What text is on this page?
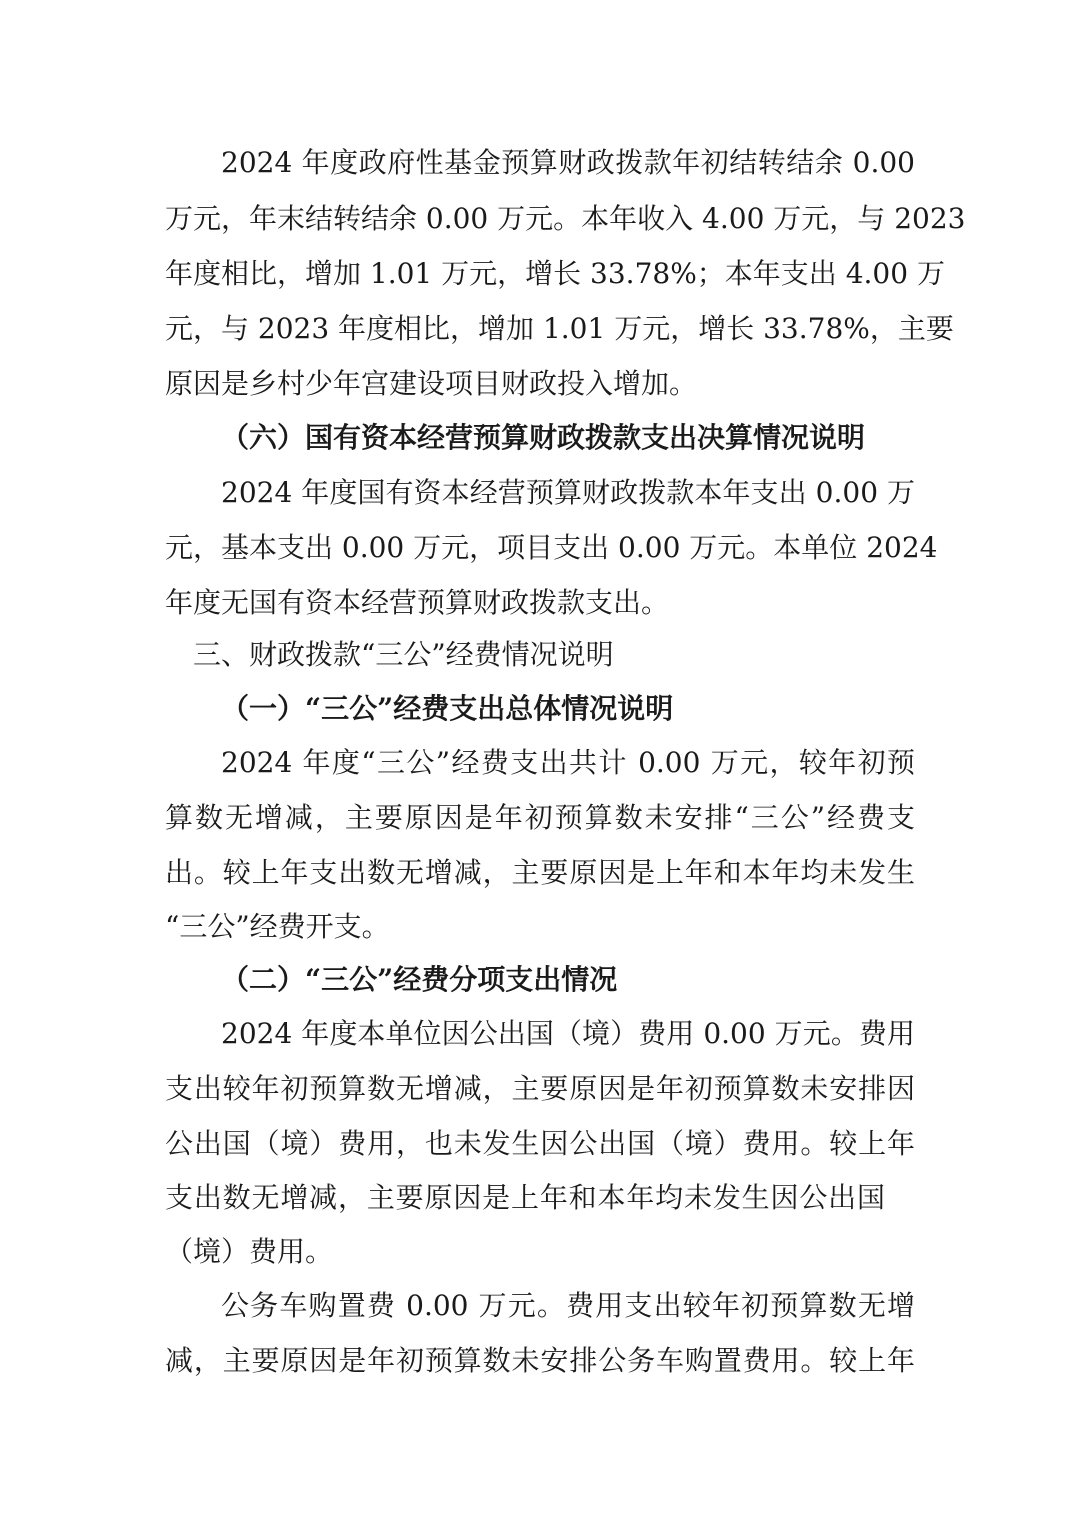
2024 年度政府性基金预算财政拨款年初结转结余 0.00
万元，年末结转结余 0.00 万元。本年收入 4.00 万元，与 2023
年度相比，增加 1.01 万元，增长 33.78%；本年支出 4.00 万
元，与 2023 年度相比，增加 1.01 万元，增长 33.78%，主要
原因是乡村少年宫建设项目财政投入增加。
（六）国有资本经营预算财政拨款支出决算情况说明
2024 年度国有资本经营预算财政拨款本年支出 0.00 万
元，基本支出 0.00 万元，项目支出 0.00 万元。本单位 2024
年度无国有资本经营预算财政拨款支出。
三、财政拨款“三公”经费情况说明
（一）“三公”经费支出总体情况说明
2024 年度“三公”经费支出共计 0.00 万元，较年初预
算数无增减，主要原因是年初预算数未安排“三公”经费支
出。较上年支出数无增减，主要原因是上年和本年均未发生
“三公”经费开支。
（二）“三公”经费分项支出情况
2024 年度本单位因公出国（境）费用 0.00 万元。费用
支出较年初预算数无增减，主要原因是年初预算数未安排因
公出国（境）费用，也未发生因公出国（境）费用。较上年
支出数无增减，主要原因是上年和本年均未发生因公出国
（境）费用。
公务车购置费 0.00 万元。费用支出较年初预算数无增
减，主要原因是年初预算数未安排公务车购置费用。较上年
